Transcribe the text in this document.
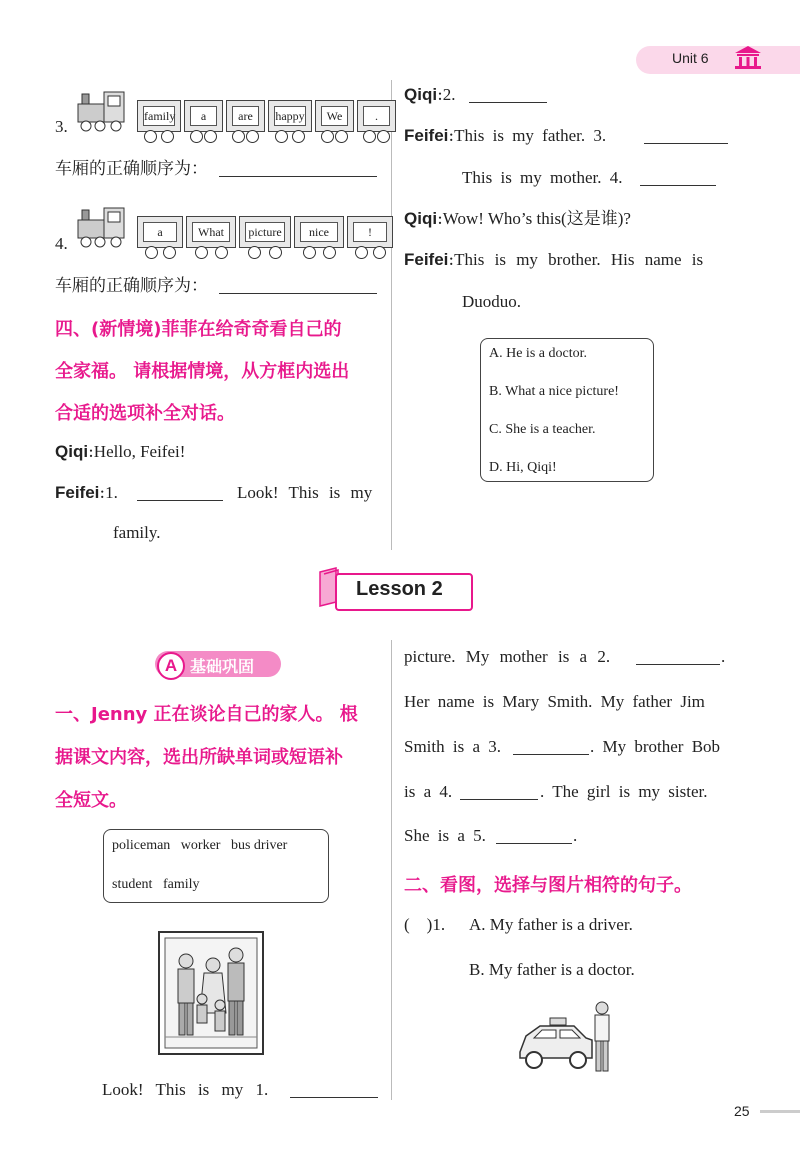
Unit 6
3.
family	a	are	happy	We	.
车厢的正确顺序为：
4.
a	What	picture	nice	!
车厢的正确顺序为：
四、(新情境)菲菲在给奇奇看自己的
全家福。 请根据情境，从方框内选出
合适的选项补全对话。
Qiqi:Hello, Feifei!
Feifei:1.	Look! This is my
family.
Qiqi:2.
Feifei:This is my father. 3.
This is my mother. 4.
Qiqi:Wow! Who’s this(这是谁)?
Feifei:This is my brother. His name is
Duoduo.
A. He is a doctor.
B. What a nice picture!
C. She is a teacher.
D. Hi, Qiqi!
Lesson 2
A 基础巩固
一、Jenny 正在谈论自己的家人。 根
据课文内容，选出所缺单词或短语补
全短文。
policeman   worker   bus driver
student   family
Look! This is my 1.
picture. My mother is a 2.	.
Her name is Mary Smith. My father Jim
Smith is a 3.	. My brother Bob
is a 4.	. The girl is my sister.
She is a 5.	.
二、看图，选择与图片相符的句子。
(    )1. A. My father is a driver.
B. My father is a doctor.
25
